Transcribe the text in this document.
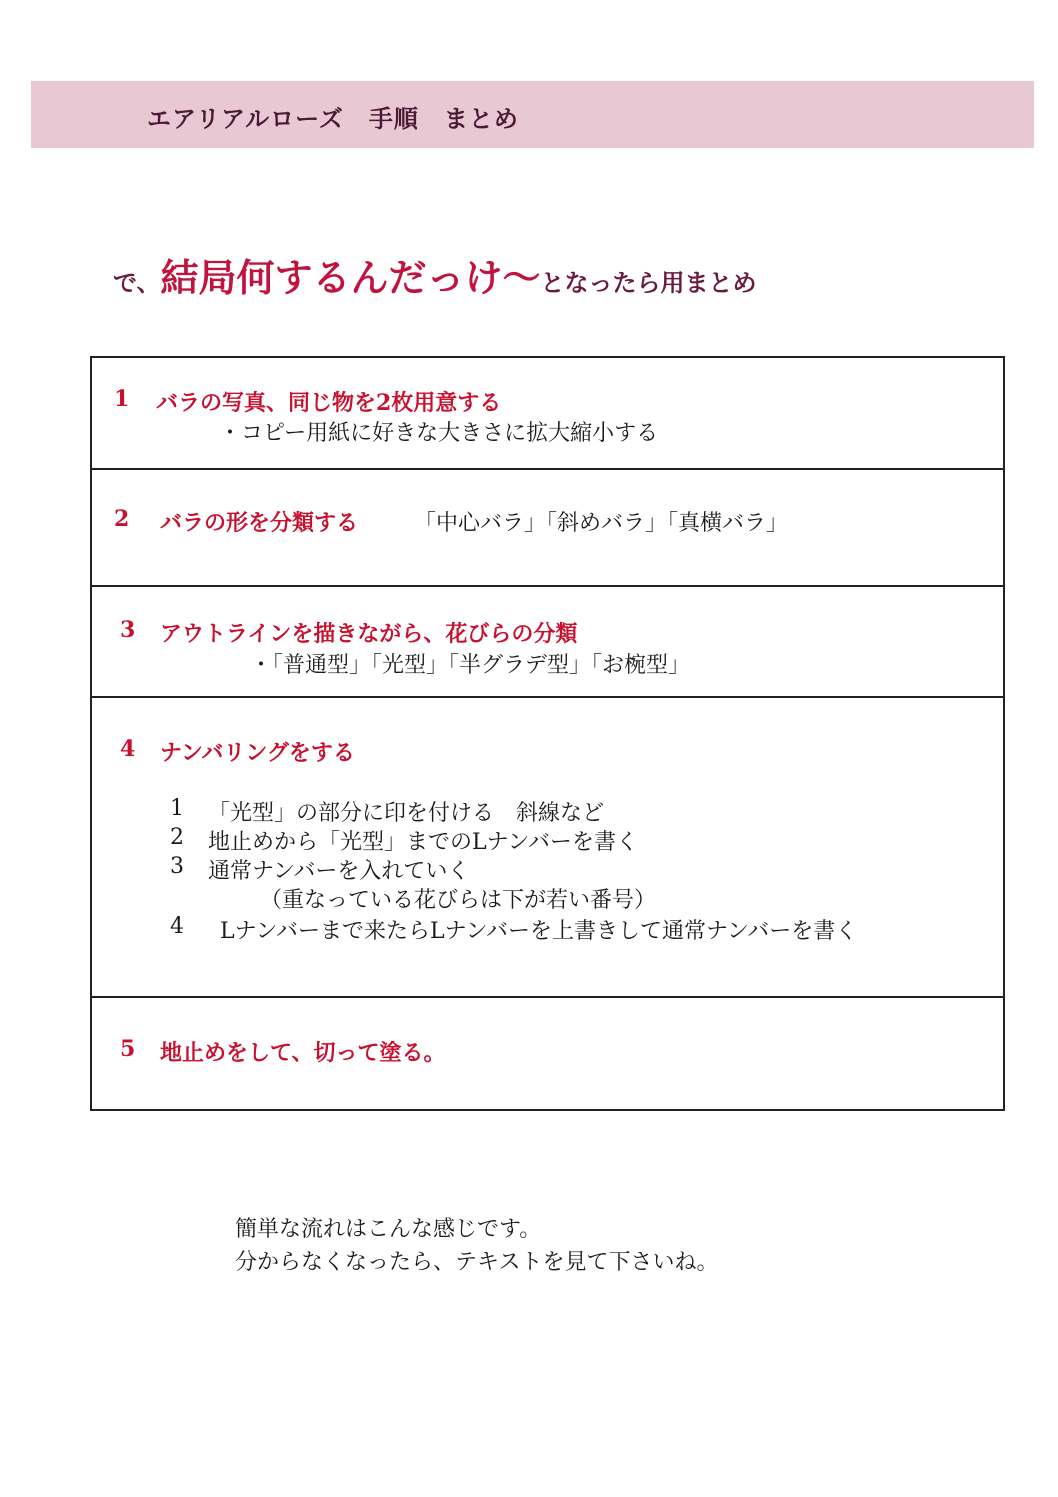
エアリアルローズ　手順　まとめ
で、結局何するんだっけ～となったら用まとめ
1 バラの写真、同じ物を2枚用意する
・コピー用紙に好きな大きさに拡大縮小する
2 バラの形を分類する	「中心バラ」「斜めバラ」「真横バラ」
3 アウトラインを描きながら、花びらの分類
・「普通型」「光型」「半グラデ型」「お椀型」
4 ナンバリングをする
1 「光型」の部分に印を付ける　斜線など
2 地止めから「光型」までのLナンバーを書く
3 通常ナンバーを入れていく
（重なっている花びらは下が若い番号）
4 Lナンバーまで来たらLナンバーを上書きして通常ナンバーを書く
5 地止めをして、切って塗る。
簡単な流れはこんな感じです。
分からなくなったら、テキストを見て下さいね。
